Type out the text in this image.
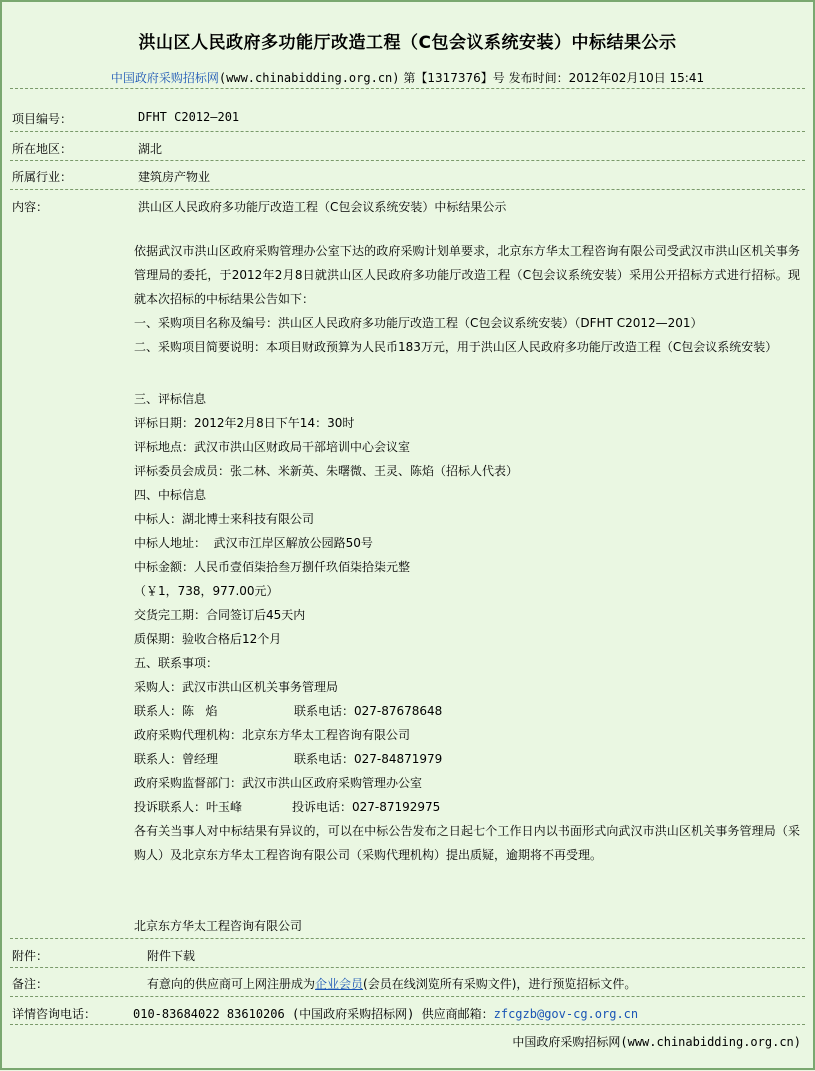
洪山区人民政府多功能厅改造工程（C包会议系统安装）中标结果公示
中国政府采购招标网(www.chinabidding.org.cn) 第【1317376】号 发布时间：2012年02月10日 15:41
项目编号：	DFHT C2012—201
所在地区：	湖北
所属行业：	建筑房产物业
内容：	洪山区人民政府多功能厅改造工程（C包会议系统安装）中标结果公示
依据武汉市洪山区政府采购管理办公室下达的政府采购计划单要求，北京东方华太工程咨询有限公司受武汉市洪山区机关事务管理局的委托，于2012年2月8日就洪山区人民政府多功能厅改造工程（C包会议系统安装）采用公开招标方式进行招标。现就本次招标的中标结果公告如下：
一、采购项目名称及编号：洪山区人民政府多功能厅改造工程（C包会议系统安装）（DFHT C2012—201）
二、采购项目简要说明：本项目财政预算为人民币183万元，用于洪山区人民政府多功能厅改造工程（C包会议系统安装）
三、评标信息
评标日期：2012年2月8日下午14：30时
评标地点：武汉市洪山区财政局干部培训中心会议室
评标委员会成员：张二林、米新英、朱曙微、王灵、陈焰（招标人代表）
四、中标信息
中标人：湖北博士来科技有限公司
中标人地址：  武汉市江岸区解放公园路50号
中标金额：人民币壹佰柒拾叁万捌仟玖佰柒拾柒元整
（￥1，738，977.00元）
交货完工期：合同签订后45天内
质保期：验收合格后12个月
五、联系事项：
采购人：武汉市洪山区机关事务管理局
联系人：陈   焰	联系电话：027-87678648
政府采购代理机构：北京东方华太工程咨询有限公司
联系人：曾经理	联系电话：027-84871979
政府采购监督部门：武汉市洪山区政府采购管理办公室
投诉联系人：叶玉峰	投诉电话：027-87192975
各有关当事人对中标结果有异议的，可以在中标公告发布之日起七个工作日内以书面形式向武汉市洪山区机关事务管理局（采购人）及北京东方华太工程咨询有限公司（采购代理机构）提出质疑，逾期将不再受理。
北京东方华太工程咨询有限公司
附件：	附件下载
备注：	有意向的供应商可上网注册成为企业会员(会员在线浏览所有采购文件)，进行预览招标文件。
详情咨询电话：	010-83684022 83610206 (中国政府采购招标网) 供应商邮箱：zfcgzb@gov-cg.org.cn
中国政府采购招标网(www.chinabidding.org.cn)
